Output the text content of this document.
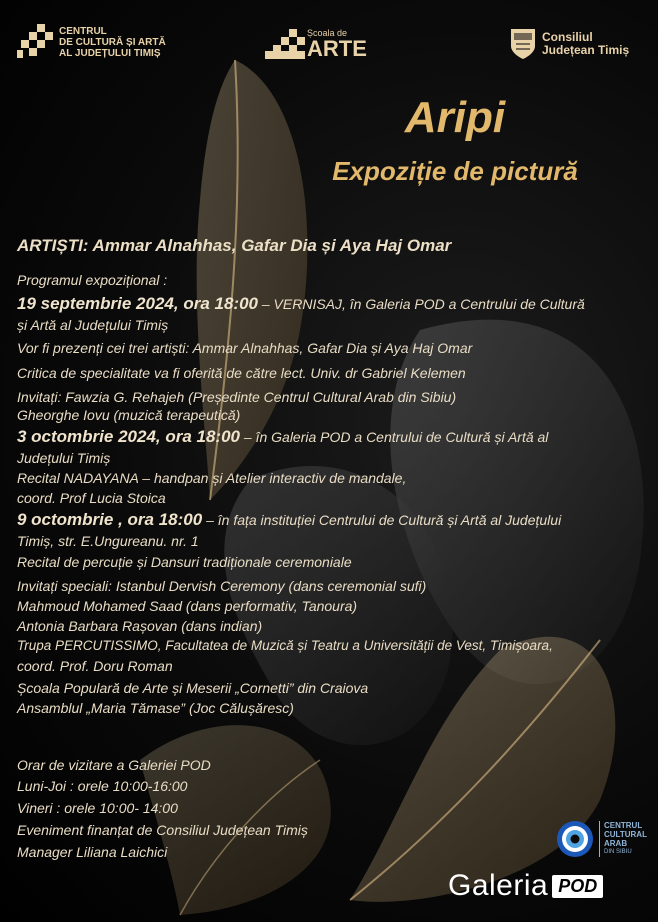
CENTRUL
DE CULTURĂ ȘI ARTĂ
AL JUDEȚULUI TIMIȘ
Școala de
ARTE	Consiliul
Județean Timiș
Aripi
Expoziție de pictură
ARTIȘTI: Ammar Alnahhas, Gafar Dia și Aya Haj Omar
Programul expozițional :
19 septembrie 2024, ora 18:00 – VERNISAJ, în Galeria POD a Centrului de Cultură
și Artă al Județului Timiș
Vor fi prezenți cei trei artiști: Ammar Alnahhas, Gafar Dia și Aya Haj Omar
Critica de specialitate va fi oferită de către lect. Univ. dr Gabriel Kelemen
Invitați: Fawzia G. Rehajeh (Președinte Centrul Cultural Arab din Sibiu)
Gheorghe Iovu (muzică terapeutică)
3 octombrie 2024, ora 18:00 – în Galeria POD a Centrului de Cultură și Artă al
Județului Timiș
Recital NADAYANA – handpan și Atelier interactiv de mandale,
coord. Prof Lucia Stoica
9 octombrie , ora 18:00 – în fața instituției Centrului de Cultură și Artă al Județului
Timiș, str. E.Ungureanu. nr. 1
Recital de percuție și Dansuri tradiționale ceremoniale
Invitați speciali: Istanbul Dervish Ceremony (dans ceremonial sufi)
Mahmoud Mohamed Saad (dans performativ, Tanoura)
Antonia Barbara Rașovan (dans indian)
Trupa PERCUTISSIMO, Facultatea de Muzică și Teatru a Universității de Vest, Timișoara,
coord. Prof. Doru Roman
Școala Populară de Arte și Meserii „Cornetti” din Craiova
Ansamblul „Maria Tămase” (Joc Călușăresc)
Orar de vizitare a Galeriei POD
Luni-Joi : orele 10:00-16:00
Vineri : orele 10:00- 14:00
Eveniment finanțat de Consiliul Județean Timiș
Manager Liliana Laichici
CENTRUL
CULTURAL
ARAB
DIN SIBIU
Galeria POD
